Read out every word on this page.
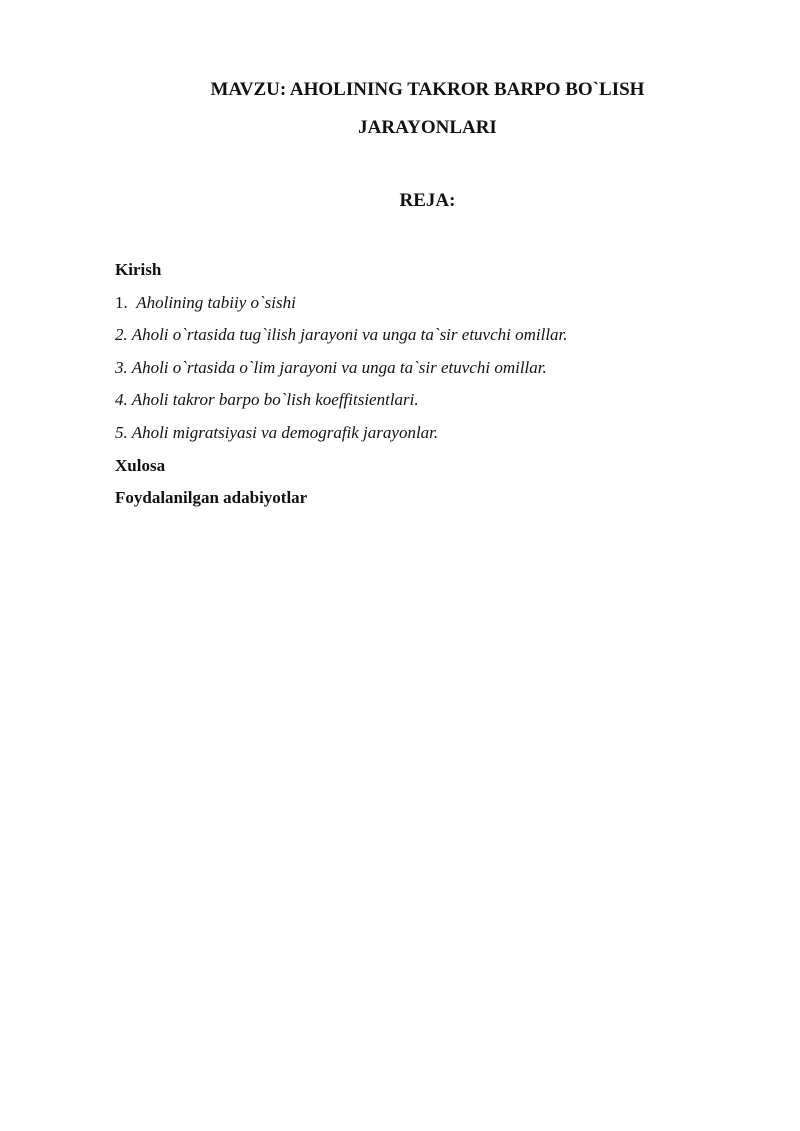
MAVZU: AHOLINING TAKROR BARPO BO`LISH
JARAYONLARI
REJA:
Kirish
1.  Aholining tabiiy o`sishi
2. Aholi o`rtasida tug`ilish jarayoni va unga ta`sir etuvchi omillar.
3. Aholi o`rtasida o`lim jarayoni va unga ta`sir etuvchi omillar.
4. Aholi takror barpo bo`lish koeffitsientlari.
5. Aholi migratsiyasi va demografik jarayonlar.
Xulosa
Foydalanilgan adabiyotlar
